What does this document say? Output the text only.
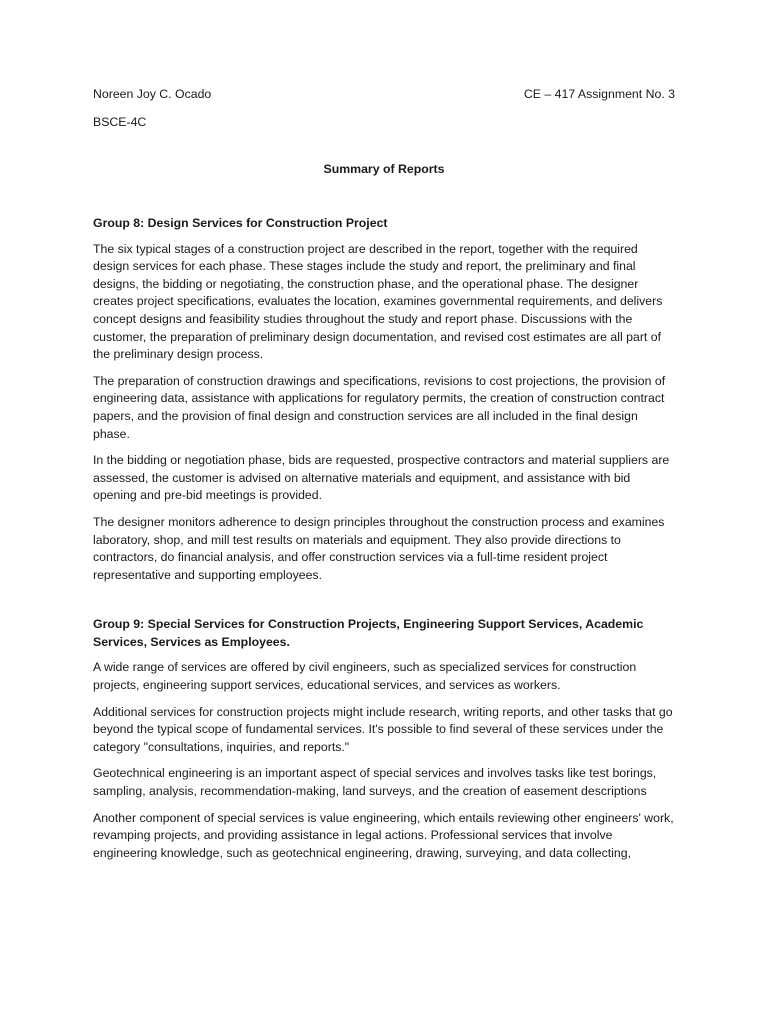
Noreen Joy C. Ocado	CE – 417 Assignment No. 3
BSCE-4C
Summary of Reports
Group 8: Design Services for Construction Project

The six typical stages of a construction project are described in the report, together with the required design services for each phase. These stages include the study and report, the preliminary and final designs, the bidding or negotiating, the construction phase, and the operational phase. The designer creates project specifications, evaluates the location, examines governmental requirements, and delivers concept designs and feasibility studies throughout the study and report phase. Discussions with the customer, the preparation of preliminary design documentation, and revised cost estimates are all part of the preliminary design process.

The preparation of construction drawings and specifications, revisions to cost projections, the provision of engineering data, assistance with applications for regulatory permits, the creation of construction contract papers, and the provision of final design and construction services are all included in the final design phase.

In the bidding or negotiation phase, bids are requested, prospective contractors and material suppliers are assessed, the customer is advised on alternative materials and equipment, and assistance with bid opening and pre-bid meetings is provided.

The designer monitors adherence to design principles throughout the construction process and examines laboratory, shop, and mill test results on materials and equipment. They also provide directions to contractors, do financial analysis, and offer construction services via a full-time resident project representative and supporting employees.

Group 9: Special Services for Construction Projects, Engineering Support Services, Academic Services, Services as Employees.

A wide range of services are offered by civil engineers, such as specialized services for construction projects, engineering support services, educational services, and services as workers.

Additional services for construction projects might include research, writing reports, and other tasks that go beyond the typical scope of fundamental services. It's possible to find several of these services under the category "consultations, inquiries, and reports."

Geotechnical engineering is an important aspect of special services and involves tasks like test borings, sampling, analysis, recommendation-making, land surveys, and the creation of easement descriptions

Another component of special services is value engineering, which entails reviewing other engineers' work, revamping projects, and providing assistance in legal actions. Professional services that involve engineering knowledge, such as geotechnical engineering, drawing, surveying, and data collecting,
